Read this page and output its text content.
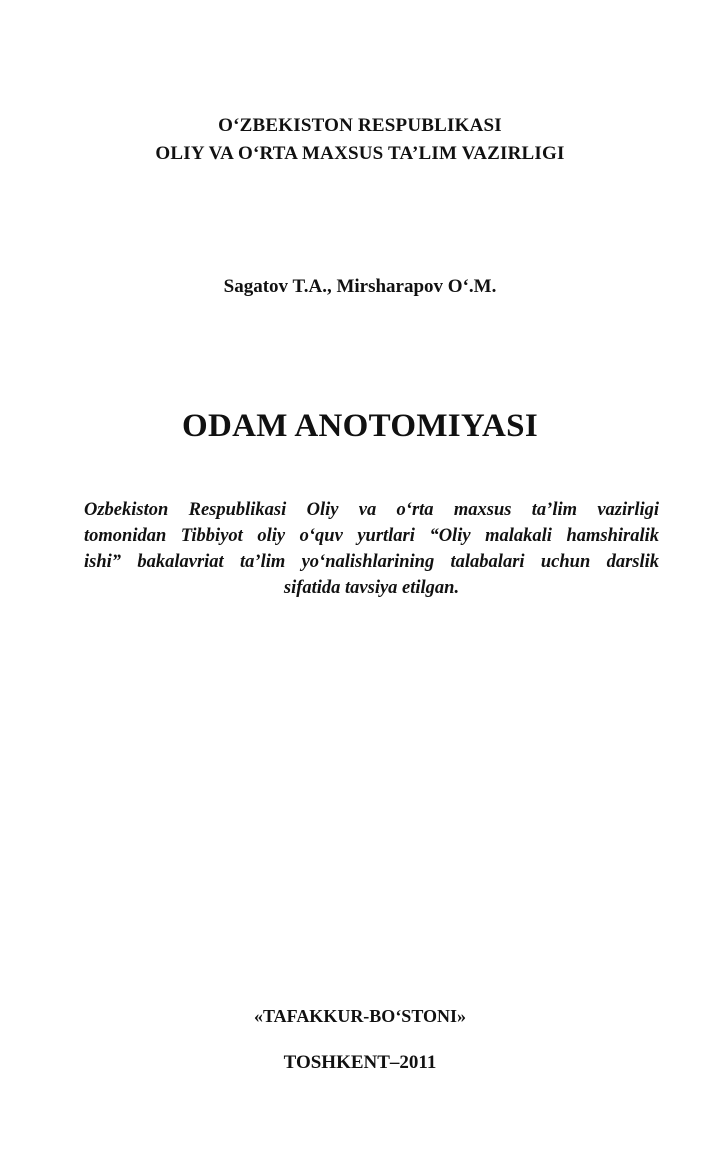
O‘ZBEKISTON RESPUBLIKASI
OLIY VA O‘RTA MAXSUS TA’LIM VAZIRLIGI
Sagatov T.A., Mirsharapov O‘.M.
ODAM ANOTOMIYASI
Ozbekiston Respublikasi Oliy va o‘rta maxsus ta’lim vazirligi
tomonidan Tibbiyot oliy o‘quv yurtlari “Oliy malakali hamshiralik
ishi” bakalavriat ta’lim yo‘nalishlarining talabalari uchun darslik
sifatida tavsiya etilgan.
«TAFAKKUR-BO‘STONI»
TOSHKENT–2011
